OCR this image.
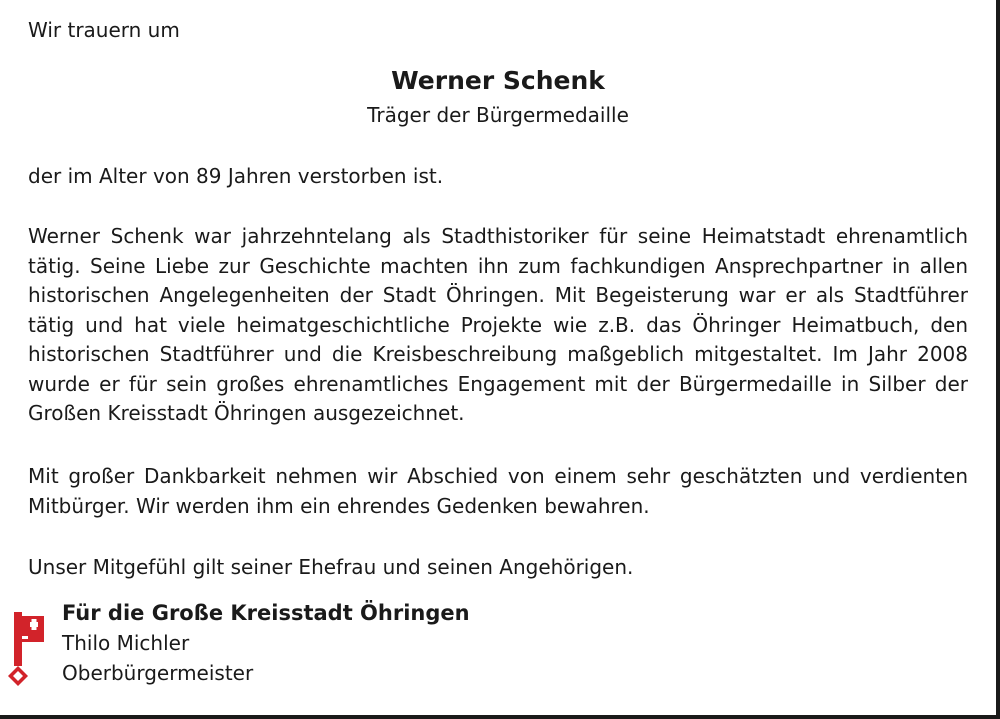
Wir trauern um

Werner Schenk

Träger der Bürgermedaille

der im Alter von 89 Jahren verstorben ist.

Werner Schenk war jahrzehntelang als Stadthistoriker für seine Heimatstadt ehrenamtlich tätig. Seine Liebe zur Geschichte machten ihn zum fachkundigen Ansprechpartner in allen historischen Angelegenheiten der Stadt Öhringen. Mit Begeisterung war er als Stadtführer tätig und hat viele heimatgeschichtliche Projekte wie z.B. das Öhringer Heimatbuch, den historischen Stadtführer und die Kreisbeschreibung maßgeblich mitgestaltet. Im Jahr 2008 wurde er für sein großes ehrenamtliches Engagement mit der Bürgermedaille in Silber der Großen Kreisstadt Öhringen ausgezeichnet.

Mit großer Dankbarkeit nehmen wir Abschied von einem sehr geschätzten und verdienten Mitbürger. Wir werden ihm ein ehrendes Gedenken bewahren.

Unser Mitgefühl gilt seiner Ehefrau und seinen Angehörigen.

Für die Große Kreisstadt Öhringen

Thilo Michler

Oberbürgermeister
